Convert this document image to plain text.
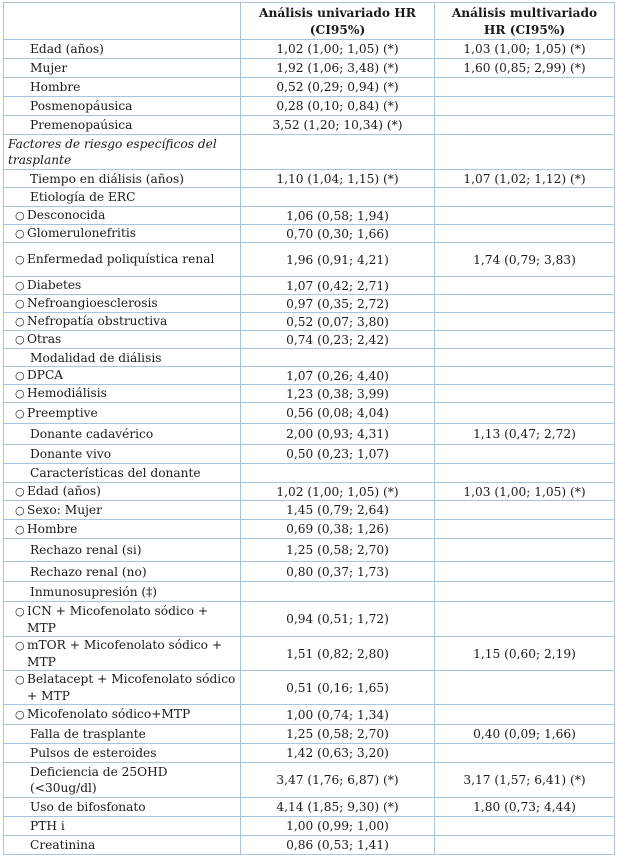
	Análisis univariado HR (CI95%)	Análisis multivariado HR (CI95%)

Edad (años)	1,02 (1,00; 1,05) (*)	1,03 (1,00; 1,05) (*)

Mujer	1,92 (1,06; 3,48) (*)	1,60 (0,85; 2,99) (*)

Hombre	0,52 (0,29; 0,94) (*)	

Posmenopáusica	0,28 (0,10; 0,84) (*)	

Premenopaúsica	3,52 (1,20; 10,34) (*)	
Factores de riesgo específicos del trasplante		

Tiempo en diálisis (años)	1,10 (1,04; 1,15) (*)	1,07 (1,02; 1,12) (*)

Etiología de ERC		

○ Desconocida	1,06 (0,58; 1,94)	

○ Glomerulonefritis	0,70 (0,30; 1,66)	

○ Enfermedad poliquística renal	1,96 (0,91; 4,21)	1,74 (0,79; 3,83)

○ Diabetes	1,07 (0,42; 2,71)	

○ Nefroangioesclerosis	0,97 (0,35; 2,72)	

○ Nefropatía obstructiva	0,52 (0,07; 3,80)	

○ Otras	0,74 (0,23; 2,42)	

Modalidad de diálisis		

○ DPCA	1,07 (0,26; 4,40)	

○ Hemodiálisis	1,23 (0,38; 3,99)	

○ Preemptive	0,56 (0,08; 4,04)	

Donante cadavérico	2,00 (0,93; 4,31)	1,13 (0,47; 2,72)

Donante vivo	0,50 (0,23; 1,07)	

Características del donante		

○ Edad (años)	1,02 (1,00; 1,05) (*)	1,03 (1,00; 1,05) (*)

○ Sexo: Mujer	1,45 (0,79; 2,64)	

○ Hombre	0,69 (0,38; 1,26)	

Rechazo renal (si)	1,25 (0,58; 2,70)	

Rechazo renal (no)	0,80 (0,37; 1,73)	

Inmunosupresión (‡)		

○ ICN + Micofenolato sódico + MTP	0,94 (0,51; 1,72)	

○ mTOR + Micofenolato sódico + MTP	1,51 (0,82; 2,80)	1,15 (0,60; 2,19)

○ Belatacept + Micofenolato sódico + MTP	0,51 (0,16; 1,65)	

○ Micofenolato sódico+MTP	1,00 (0,74; 1,34)	

Falla de trasplante	1,25 (0,58; 2,70)	0,40 (0,09; 1,66)

Pulsos de esteroides	1,42 (0,63; 3,20)	

Deficiencia de 25OHD (<30ug/dl)	3,47 (1,76; 6,87) (*)	3,17 (1,57; 6,41) (*)

Uso de bifosfonato	4,14 (1,85; 9,30) (*)	1,80 (0,73; 4,44)

PTH i	1,00 (0,99; 1,00)	

Creatinina	0,86 (0,53; 1,41)	
